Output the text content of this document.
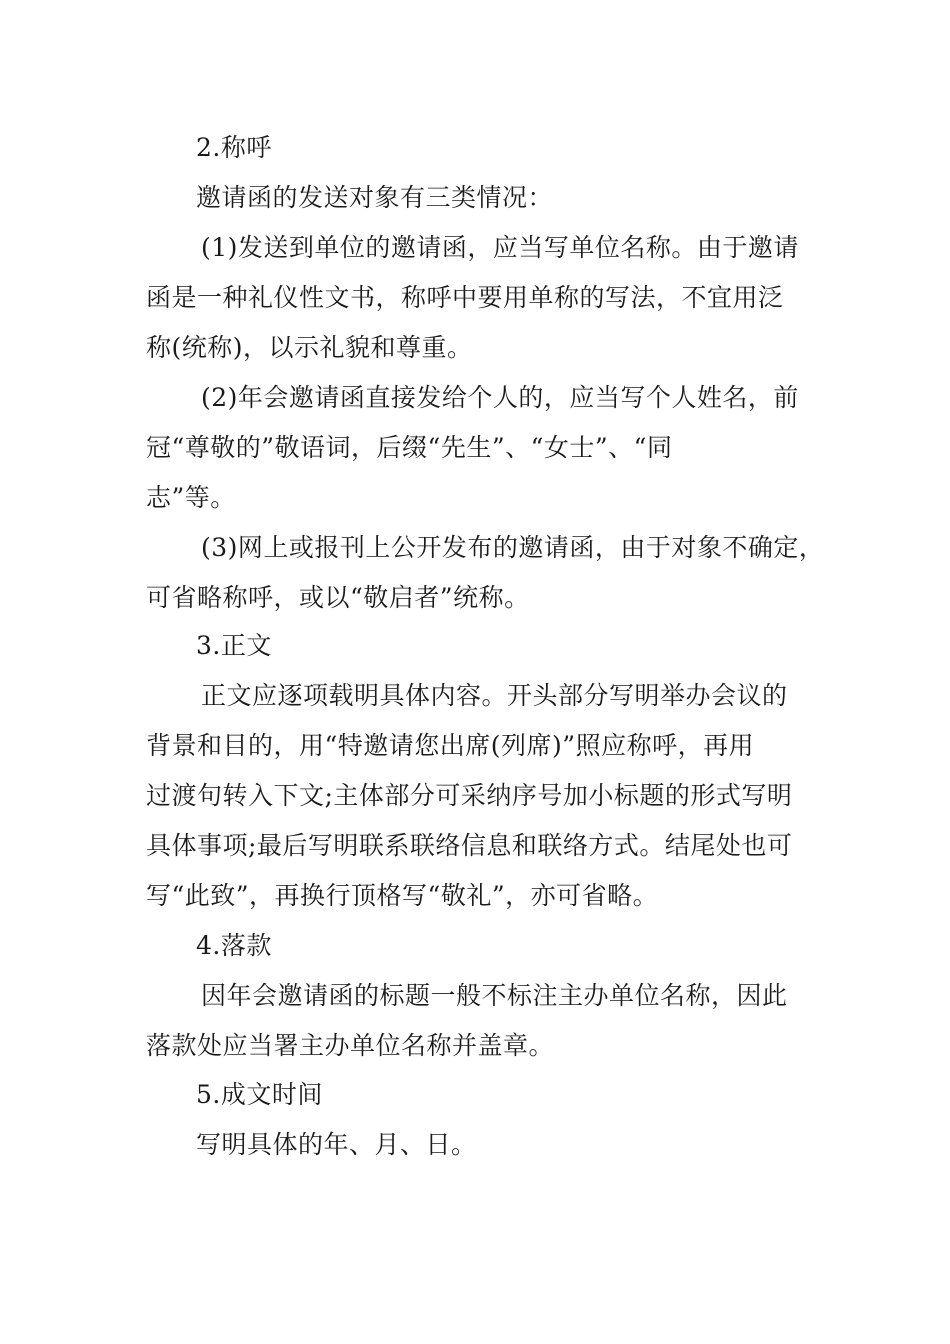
2.称呼
邀请函的发送对象有三类情况：
(1)发送到单位的邀请函，应当写单位名称。由于邀请
函是一种礼仪性文书，称呼中要用单称的写法，不宜用泛
称(统称)，以示礼貌和尊重。
(2)年会邀请函直接发给个人的，应当写个人姓名，前
冠“尊敬的”敬语词，后缀“先生”、“女士”、“同
志”等。
(3)网上或报刊上公开发布的邀请函，由于对象不确定，
可省略称呼，或以“敬启者”统称。
3.正文
正文应逐项载明具体内容。开头部分写明举办会议的
背景和目的，用“特邀请您出席(列席)”照应称呼，再用
过渡句转入下文;主体部分可采纳序号加小标题的形式写明
具体事项;最后写明联系联络信息和联络方式。结尾处也可
写“此致”，再换行顶格写“敬礼”，亦可省略。
4.落款
因年会邀请函的标题一般不标注主办单位名称，因此
落款处应当署主办单位名称并盖章。
5.成文时间
写明具体的年、月、日。
